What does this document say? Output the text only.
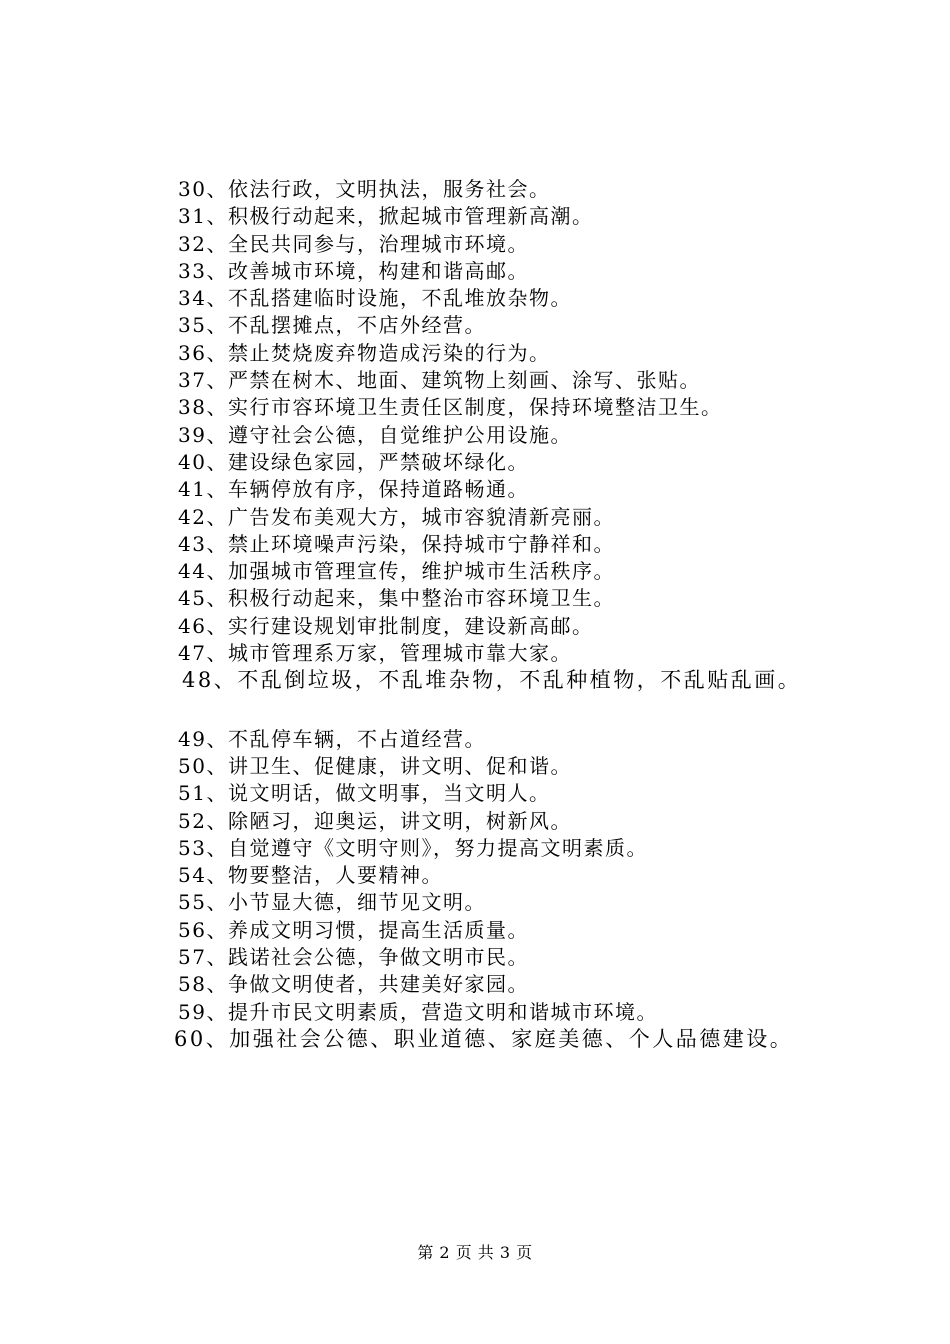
30、依法行政，文明执法，服务社会。
31、积极行动起来，掀起城市管理新高潮。
32、全民共同参与，治理城市环境。
33、改善城市环境，构建和谐高邮。
34、不乱搭建临时设施，不乱堆放杂物。
35、不乱摆摊点，不店外经营。
36、禁止焚烧废弃物造成污染的行为。
37、严禁在树木、地面、建筑物上刻画、涂写、张贴。
38、实行市容环境卫生责任区制度，保持环境整洁卫生。
39、遵守社会公德，自觉维护公用设施。
40、建设绿色家园，严禁破坏绿化。
41、车辆停放有序，保持道路畅通。
42、广告发布美观大方，城市容貌清新亮丽。
43、禁止环境噪声污染，保持城市宁静祥和。
44、加强城市管理宣传，维护城市生活秩序。
45、积极行动起来，集中整治市容环境卫生。
46、实行建设规划审批制度，建设新高邮。
47、城市管理系万家，管理城市靠大家。
48、不乱倒垃圾，不乱堆杂物，不乱种植物，不乱贴乱画。
49、不乱停车辆，不占道经营。
50、讲卫生、促健康，讲文明、促和谐。
51、说文明话，做文明事，当文明人。
52、除陋习，迎奥运，讲文明，树新风。
53、自觉遵守《文明守则》，努力提高文明素质。
54、物要整洁，人要精神。
55、小节显大德，细节见文明。
56、养成文明习惯，提高生活质量。
57、践诺社会公德，争做文明市民。
58、争做文明使者，共建美好家园。
59、提升市民文明素质，营造文明和谐城市环境。
60、加强社会公德、职业道德、家庭美德、个人品德建设。
第 2 页 共 3 页
